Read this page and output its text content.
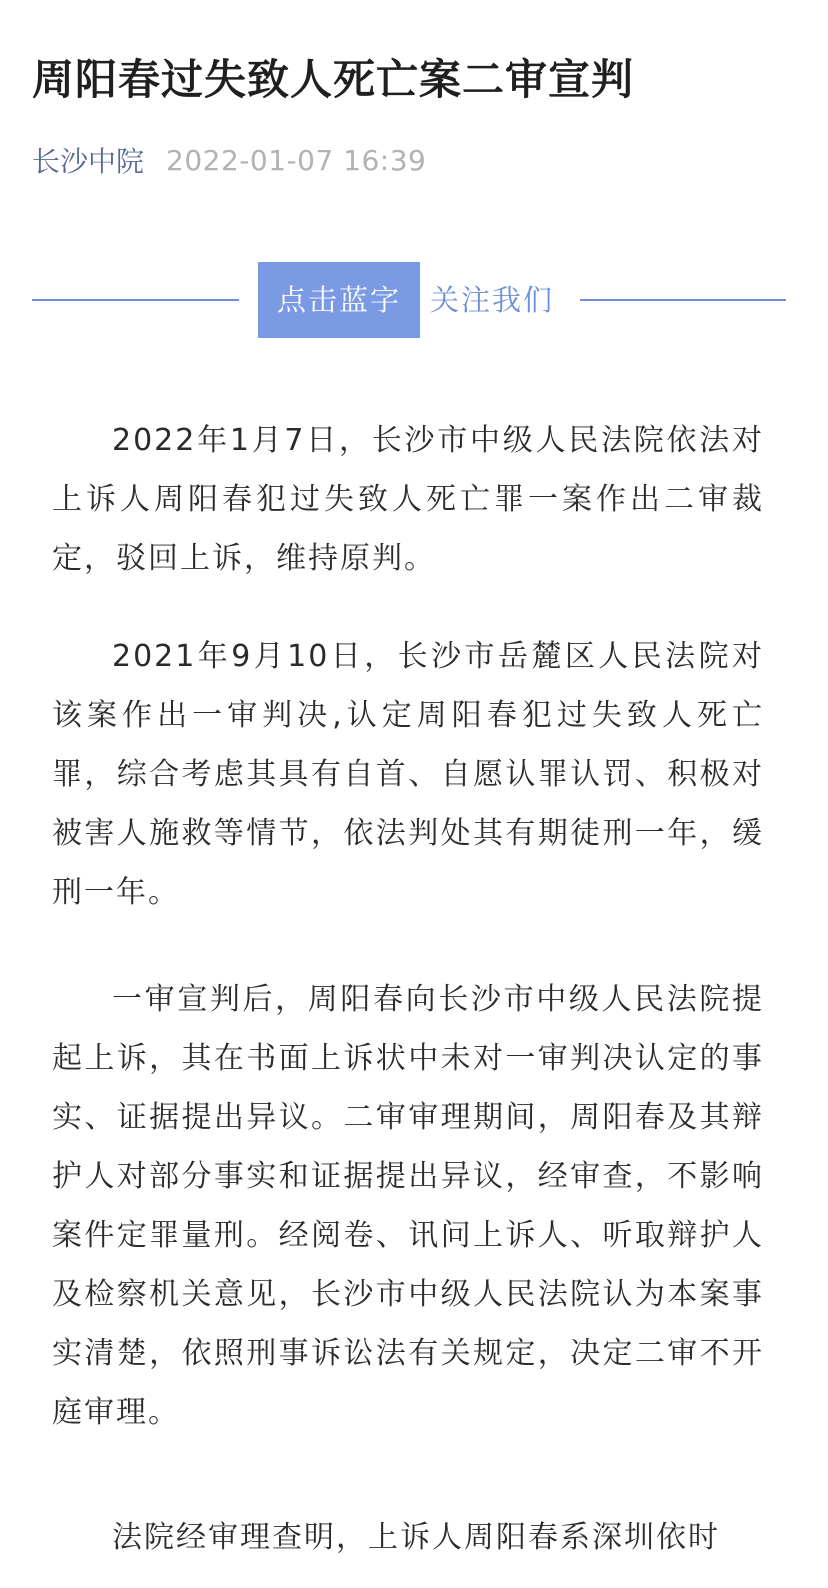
周阳春过失致人死亡案二审宣判
长沙中院 2022-01-07 16:39
点击蓝字	关注我们

2022年1月7日，长沙市中级人民法院依法对上诉人周阳春犯过失致人死亡罪一案作出二审裁定，驳回上诉，维持原判。

2021年9月10日，长沙市岳麓区人民法院对该案作出一审判决,认定周阳春犯过失致人死亡罪，综合考虑其具有自首、自愿认罪认罚、积极对被害人施救等情节，依法判处其有期徒刑一年，缓刑一年。

一审宣判后，周阳春向长沙市中级人民法院提起上诉，其在书面上诉状中未对一审判决认定的事实、证据提出异议。二审审理期间，周阳春及其辩护人对部分事实和证据提出异议，经审查，不影响案件定罪量刑。经阅卷、讯问上诉人、听取辩护人及检察机关意见，长沙市中级人民法院认为本案事实清楚，依照刑事诉讼法有关规定，决定二审不开庭审理。

法院经审理查明，上诉人周阳春系深圳依时
